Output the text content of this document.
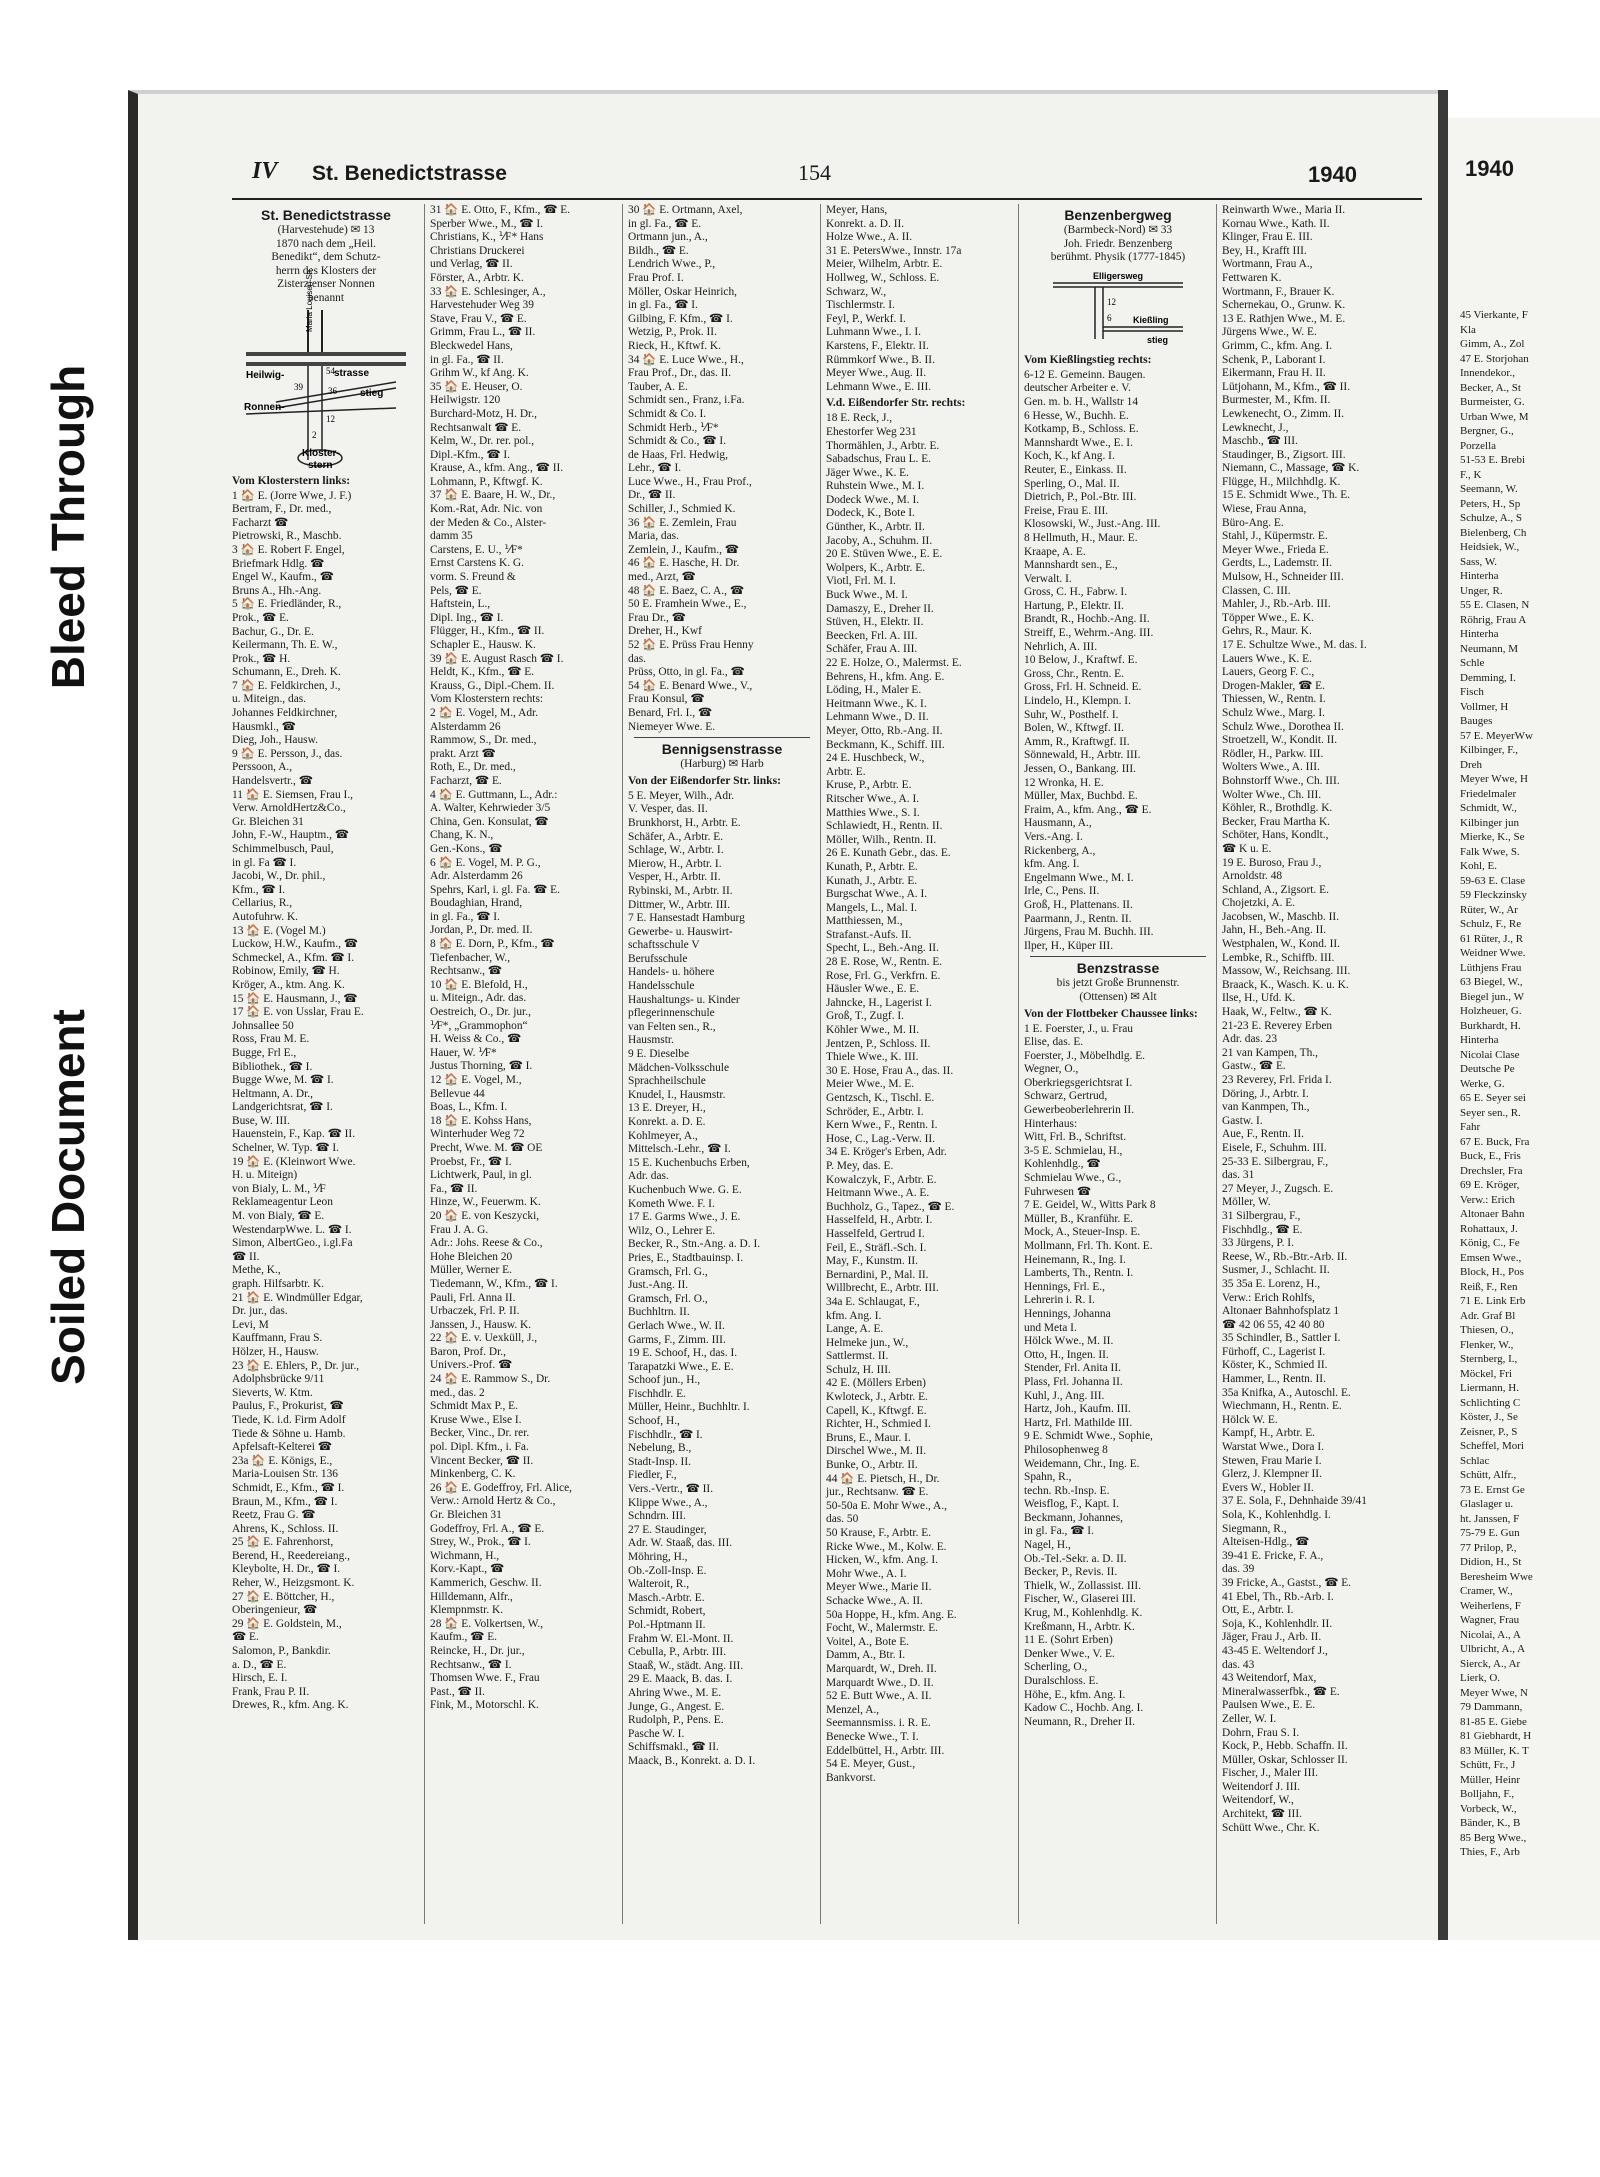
Bleed Through
Soiled Document
45 Vierkante, F
Kla
Gimm, A., Zol
47 E. Storjohan
Innendekor.,
Becker, A., St
Burmeister, G.
Urban Wwe, M
Bergner, G.,
Porzella
51-53 E. Brebi
F., K
Seemann, W.
Peters, H., Sp
Schulze, A., S
Bielenberg, Ch
Heidsiek, W.,
Sass, W.
Hinterha
Unger, R.
55 E. Clasen, N
Röhrig, Frau A
Hinterha
Neumann, M
Schle
Demming, I.
Fisch
Vollmer, H
Bauges
57 E. MeyerWw
Kilbinger, F.,
Dreh
Meyer Wwe, H
Friedelmaler
Schmidt, W.,
Kilbinger jun
Mierke, K., Se
Falk Wwe, S.
Kohl, E.
59-63 E. Clase
59 Fleckzinsky
Rüter, W., Ar
Schulz, F., Re
61 Rüter, J., R
Weidner Wwe.
Lüthjens Frau
63 Biegel, W.,
Biegel jun., W
Holzheuer, G.
Burkhardt, H.
Hinterha
Nicolai Clase
Deutsche Pe
Werke, G.
65 E. Seyer sei
Seyer sen., R.
Fahr
67 E. Buck, Fra
Buck, E., Fris
Drechsler, Fra
69 E. Kröger,
Verw.: Erich
Altonaer Bahn
Rohattaux, J.
König, C., Fe
Emsen Wwe.,
Block, H., Pos
Reiß, F., Ren
71 E. Link Erb
Adr. Graf Bl
Thiesen, O.,
Flenker, W.,
Sternberg, I.,
Möckel, Fri
Liermann, H.
Schlichting C
Köster, J., Se
Zeisner, P., S
Scheffel, Mori
Schlac
Schütt, Alfr.,
73 E. Ernst Ge
Glaslager u.
ht. Janssen, F
75-79 E. Gun
77 Prilop, P.,
Didion, H., St
Beresheim Wwe
Cramer, W.,
Weiherlens, F
Wagner, Frau
Nicolai, A., A
Ulbricht, A., A
Sierck, A., Ar
Lierk, O.
Meyer Wwe, N
79 Dammann,
81-85 E. Giebe
81 Giebhardt, H
83 Müller, K. T
Schütt, Fr., J
Müller, Heinr
Bolljahn, F.,
Vorbeck, W.,
Bänder, K., B
85 Berg Wwe.,
Thies, F., Arb
1940
IV St. Benedictstrasse	154	1940
St. Benedictstrasse
(Harvestehude) ✉ 13
1870 nach dem „Heil.
Benedikt“, dem Schutz-
herrn des Klosters der
Zisterzienser Nonnen
benannt
Maria Louisen Str.
Heilwig-	strasse
54
39	36 stieg
Ronnen-
12
2
Kloster-
stern
Vom Klosterstern links:
1 🏠 E. (Jorre Wwe, J. F.)
Bertram, F., Dr. med.,
Facharzt ☎
Pietrowski, R., Maschb.
3 🏠 E. Robert F. Engel,
Briefmark Hdlg. ☎
Engel W., Kaufm., ☎
Bruns A., Hh.-Ang.
5 🏠 E. Friedländer, R.,
Prok., ☎ E.
Bachur, G., Dr. E.
Keilermann, Th. E. W.,
Prok., ☎ H.
Schumann, E., Dreh. K.
7 🏠 E. Feldkirchen, J.,
u. Miteign., das.
Johannes Feldkirchner,
Hausmkl., ☎
Dieg, Joh., Hausw.
9 🏠 E. Persson, J., das.
Perssoon, A.,
Handelsvertr., ☎
11 🏠 E. Siemsen, Frau I.,
Verw. ArnoldHertz&Co.,
Gr. Bleichen 31
John, F.-W., Hauptm., ☎
Schimmelbusch, Paul,
in gl. Fa ☎ I.
Jacobi, W., Dr. phil.,
Kfm., ☎ I.
Cellarius, R.,
Autofuhrw. K.
13 🏠 E. (Vogel M.)
Luckow, H.W., Kaufm., ☎
Schmeckel, A., Kfm. ☎ I.
Robinow, Emily, ☎ H.
Kröger, A., ktm. Ang. K.
15 🏠 E. Hausmann, J., ☎
17 🏠 E. von Usslar, Frau E.
Johnsallee 50
Ross, Frau M. E.
Bugge, Frl E.,
Bibliothek., ☎ I.
Bugge Wwe, M. ☎ I.
Heltmann, A. Dr.,
Landgerichtsrat, ☎ I.
Buse, W. III.
Hauenstein, F., Kap. ☎ II.
Schelner, W. Typ. ☎ I.
19 🏠 E. (Kleinwort Wwe.
H. u. Miteign)
von Bialy, L. M., ⅟F
Reklameagentur Leon
M. von Bialy, ☎ E.
WestendarpWwe. L. ☎ I.
Simon, AlbertGeo., i.gl.Fa
☎ II.
Methe, K.,
graph. Hilfsarbtr. K.
21 🏠 E. Windmüller Edgar,
Dr. jur., das.
Levi, M
Kauffmann, Frau S.
Hölzer, H., Hausw.
23 🏠 E. Ehlers, P., Dr. jur.,
Adolphsbrücke 9/11
Sieverts, W. Ktm.
Paulus, F., Prokurist, ☎
Tiede, K. i.d. Firm Adolf
Tiede & Söhne u. Hamb.
Apfelsaft-Kelterei ☎
23a 🏠 E. Königs, E.,
Maria-Louisen Str. 136
Schmidt, E., Kfm., ☎ I.
Braun, M., Kfm., ☎ I.
Reetz, Frau G. ☎
Ahrens, K., Schloss. II.
25 🏠 E. Fahrenhorst,
Berend, H., Reedereiang.,
Kleybolte, H. Dr., ☎ I.
Reher, W., Heizgsmont. K.
27 🏠 E. Böttcher, H.,
Oberingenieur, ☎
29 🏠 E. Goldstein, M.,
☎ E.
Salomon, P., Bankdir.
a. D., ☎ E.
Hirsch, E. I.
Frank, Frau P. II.
Drewes, R., kfm. Ang. K.
31 🏠 E. Otto, F., Kfm., ☎ E.
Sperber Wwe., M., ☎ I.
Christians, K., ⅟F* Hans
Christians Druckerei
und Verlag, ☎ II.
Förster, A., Arbtr. K.
33 🏠 E. Schlesinger, A.,
Harvestehuder Weg 39
Stave, Frau V., ☎ E.
Grimm, Frau L., ☎ II.
Bleckwedel Hans,
in gl. Fa., ☎ II.
Grihm W., kf Ang. K.
35 🏠 E. Heuser, O.
Heilwigstr. 120
Burchard-Motz, H. Dr.,
Rechtsanwalt ☎ E.
Kelm, W., Dr. rer. pol.,
Dipl.-Kfm., ☎ I.
Krause, A., kfm. Ang., ☎ II.
Lohmann, P., Kftwgf. K.
37 🏠 E. Baare, H. W., Dr.,
Kom.-Rat, Adr. Nic. von
der Meden & Co., Alster-
damm 35
Carstens, E. U., ⅟F*
Ernst Carstens K. G.
vorm. S. Freund &
Pels, ☎ E.
Haftstein, L.,
Dipl. Ing., ☎ I.
Flügger, H., Kfm., ☎ II.
Schapler E., Hausw. K.
39 🏠 E. August Rasch ☎ I.
Heldt, K., Kfm., ☎ E.
Krauss, G., Dipl.-Chem. II.
Vom Klosterstern rechts:
2 🏠 E. Vogel, M., Adr.
Alsterdamm 26
Rammow, S., Dr. med.,
prakt. Arzt ☎
Roth, E., Dr. med.,
Facharzt, ☎ E.
4 🏠 E. Guttmann, L., Adr.:
A. Walter, Kehrwieder 3/5
China, Gen. Konsulat, ☎
Chang, K. N.,
Gen.-Kons., ☎
6 🏠 E. Vogel, M. P. G.,
Adr. Alsterdamm 26
Spehrs, Karl, i. gl. Fa. ☎ E.
Boudaghian, Hrand,
in gl. Fa., ☎ I.
Jordan, P., Dr. med. II.
8 🏠 E. Dorn, P., Kfm., ☎
Tiefenbacher, W.,
Rechtsanw., ☎
10 🏠 E. Blefold, H.,
u. Miteign., Adr. das.
Oestreich, O., Dr. jur.,
⅟F*, „Grammophon“
H. Weiss & Co., ☎
Hauer, W. ⅟F*
Justus Thorning, ☎ I.
12 🏠 E. Vogel, M.,
Bellevue 44
Boas, L., Kfm. I.
18 🏠 E. Kohss Hans,
Winterhuder Weg 72
Precht, Wwe. M. ☎ OE
Proebst, Fr., ☎ I.
Lichtwerk, Paul, in gl.
Fa., ☎ II.
Hinze, W., Feuerwm. K.
20 🏠 E. von Keszycki,
Frau J. A. G.
Adr.: Johs. Reese & Co.,
Hohe Bleichen 20
Müller, Werner E.
Tiedemann, W., Kfm., ☎ I.
Pauli, Frl. Anna II.
Urbaczek, Frl. P. II.
Janssen, J., Hausw. K.
22 🏠 E. v. Uexküll, J.,
Baron, Prof. Dr.,
Univers.-Prof. ☎
24 🏠 E. Rammow S., Dr.
med., das. 2
Schmidt Max P., E.
Kruse Wwe., Else I.
Becker, Vinc., Dr. rer.
pol. Dipl. Kfm., i. Fa.
Vincent Becker, ☎ II.
Minkenberg, C. K.
26 🏠 E. Godeffroy, Frl. Alice,
Verw.: Arnold Hertz & Co.,
Gr. Bleichen 31
Godeffroy, Frl. A., ☎ E.
Strey, W., Prok., ☎ I.
Wichmann, H.,
Korv.-Kapt., ☎
Kammerich, Geschw. II.
Hilldemann, Alfr.,
Klempnmstr. K.
28 🏠 E. Volkertsen, W.,
Kaufm., ☎ E.
Reincke, H., Dr. jur.,
Rechtsanw., ☎ I.
Thomsen Wwe. F., Frau
Past., ☎ II.
Fink, M., Motorschl. K.
30 🏠 E. Ortmann, Axel,
in gl. Fa., ☎ E.
Ortmann jun., A.,
Bildh., ☎ E.
Lendrich Wwe., P.,
Frau Prof. I.
Möller, Oskar Heinrich,
in gl. Fa., ☎ I.
Gilbing, F. Kfm., ☎ I.
Wetzig, P., Prok. II.
Rieck, H., Kftwf. K.
34 🏠 E. Luce Wwe., H.,
Frau Prof., Dr., das. II.
Tauber, A. E.
Schmidt sen., Franz, i.Fa.
Schmidt & Co. I.
Schmidt Herb., ⅟F*
Schmidt & Co., ☎ I.
de Haas, Frl. Hedwig,
Lehr., ☎ I.
Luce Wwe., H., Frau Prof.,
Dr., ☎ II.
Schiller, J., Schmied K.
36 🏠 E. Zemlein, Frau
Maria, das.
Zemlein, J., Kaufm., ☎
46 🏠 E. Hasche, H. Dr.
med., Arzt, ☎
48 🏠 E. Baez, C. A., ☎
50 E. Framhein Wwe., E.,
Frau Dr., ☎
Dreher, H., Kwf
52 🏠 E. Prüss Frau Henny
das.
Prüss, Otto, in gl. Fa., ☎
54 🏠 E. Benard Wwe., V.,
Frau Konsul, ☎
Benard, Frl. I., ☎
Niemeyer Wwe. E.
Bennigsenstrasse
(Harburg) ✉ Harb
Von der Eißendorfer Str. links:
5 E. Meyer, Wilh., Adr.
V. Vesper, das. II.
Brunkhorst, H., Arbtr. E.
Schäfer, A., Arbtr. E.
Schlage, W., Arbtr. I.
Mierow, H., Arbtr. I.
Vesper, H., Arbtr. II.
Rybinski, M., Arbtr. II.
Dittmer, W., Arbtr. III.
7 E. Hansestadt Hamburg
Gewerbe- u. Hauswirt-
schaftsschule V
Berufsschule
Handels- u. höhere
Handelsschule
Haushaltungs- u. Kinder
pflegerinnenschule
van Felten sen., R.,
Hausmstr.
9 E. Dieselbe
Mädchen-Volksschule
Sprachheilschule
Knudel, I., Hausmstr.
13 E. Dreyer, H.,
Konrekt. a. D. E.
Kohlmeyer, A.,
Mittelsch.-Lehr., ☎ I.
15 E. Kuchenbuchs Erben,
Adr. das.
Kuchenbuch Wwe. G. E.
Kometh Wwe. F. I.
17 E. Garms Wwe., J. E.
Wilz, O., Lehrer E.
Becker, R., Stn.-Ang. a. D. I.
Pries, E., Stadtbauinsp. I.
Gramsch, Frl. G.,
Just.-Ang. II.
Gramsch, Frl. O.,
Buchhltrn. II.
Gerlach Wwe., W. II.
Garms, F., Zimm. III.
19 E. Schoof, H., das. I.
Tarapatzki Wwe., E. E.
Schoof jun., H.,
Fischhdlr. E.
Müller, Heinr., Buchhltr. I.
Schoof, H.,
Fischhdlr., ☎ I.
Nebelung, B.,
Stadt-Insp. II.
Fiedler, F.,
Vers.-Vertr., ☎ II.
Klippe Wwe., A.,
Schndrn. III.
27 E. Staudinger,
Adr. W. Staaß, das. III.
Möhring, H.,
Ob.-Zoll-Insp. E.
Walteroit, R.,
Masch.-Arbtr. E.
Schmidt, Robert,
Pol.-Hptmann II.
Frahm W. El.-Mont. II.
Cebulla, P., Arbtr. III.
Staaß, W., städt. Ang. III.
29 E. Maack, B. das. I.
Ahring Wwe., M. E.
Junge, G., Angest. E.
Rudolph, P., Pens. E.
Pasche W. I.
Schiffsmakl., ☎ II.
Maack, B., Konrekt. a. D. I.
Meyer, Hans,
Konrekt. a. D. II.
Holze Wwe., A. II.
31 E. PetersWwe., Innstr. 17a
Meier, Wilhelm, Arbtr. E.
Hollweg, W., Schloss. E.
Schwarz, W.,
Tischlermstr. I.
Feyl, P., Werkf. I.
Luhmann Wwe., I. I.
Karstens, F., Elektr. II.
Rümmkorf Wwe., B. II.
Meyer Wwe., Aug. II.
Lehmann Wwe., E. III.
V.d. Eißendorfer Str. rechts:
18 E. Reck, J.,
Ehestorfer Weg 231
Thormählen, J., Arbtr. E.
Sabadschus, Frau L. E.
Jäger Wwe., K. E.
Ruhstein Wwe., M. I.
Dodeck Wwe., M. I.
Dodeck, K., Bote I.
Günther, K., Arbtr. II.
Jacoby, A., Schuhm. II.
20 E. Stüven Wwe., E. E.
Wolpers, K., Arbtr. E.
Viotl, Frl. M. I.
Buck Wwe., M. I.
Damaszy, E., Dreher II.
Stüven, H., Elektr. II.
Beecken, Frl. A. III.
Schäfer, Frau A. III.
22 E. Holze, O., Malermst. E.
Behrens, H., kfm. Ang. E.
Löding, H., Maler E.
Heitmann Wwe., K. I.
Lehmann Wwe., D. II.
Meyer, Otto, Rb.-Ang. II.
Beckmann, K., Schiff. III.
24 E. Huschbeck, W.,
Arbtr. E.
Kruse, P., Arbtr. E.
Ritscher Wwe., A. I.
Matthies Wwe., S. I.
Schlawiedt, H., Rentn. II.
Möller, Wilh., Rentn. II.
26 E. Kunath Gebr., das. E.
Kunath, P., Arbtr. E.
Kunath, J., Arbtr. E.
Burgschat Wwe., A. I.
Mangels, L., Mal. I.
Matthiessen, M.,
Strafanst.-Aufs. II.
Specht, L., Beh.-Ang. II.
28 E. Rose, W., Rentn. E.
Rose, Frl. G., Verkfrn. E.
Häusler Wwe., E. E.
Jahncke, H., Lagerist I.
Groß, T., Zugf. I.
Köhler Wwe., M. II.
Jentzen, P., Schloss. II.
Thiele Wwe., K. III.
30 E. Hose, Frau A., das. II.
Meier Wwe., M. E.
Gentzsch, K., Tischl. E.
Schröder, E., Arbtr. I.
Kern Wwe., F., Rentn. I.
Hose, C., Lag.-Verw. II.
34 E. Kröger's Erben, Adr.
P. Mey, das. E.
Kowalczyk, F., Arbtr. E.
Heitmann Wwe., A. E.
Buchholz, G., Tapez., ☎ E.
Hasselfeld, H., Arbtr. I.
Hasselfeld, Gertrud I.
Feil, E., Sträfl.-Sch. I.
May, F., Kunstm. II.
Bernardini, P., Mal. II.
Willbrecht, E., Arbtr. III.
34a E. Schlaugat, F.,
kfm. Ang. I.
Lange, A. E.
Helmeke jun., W.,
Sattlermst. II.
Schulz, H. III.
42 E. (Möllers Erben)
Kwloteck, J., Arbtr. E.
Capell, K., Kftwgf. E.
Richter, H., Schmied I.
Bruns, E., Maur. I.
Dirschel Wwe., M. II.
Bunke, O., Arbtr. II.
44 🏠 E. Pietsch, H., Dr.
jur., Rechtsanw. ☎ E.
50-50a E. Mohr Wwe., A.,
das. 50
50 Krause, F., Arbtr. E.
Ricke Wwe., M., Kolw. E.
Hicken, W., kfm. Ang. I.
Mohr Wwe., A. I.
Meyer Wwe., Marie II.
Schacke Wwe., A. II.
50a Hoppe, H., kfm. Ang. E.
Focht, W., Malermstr. E.
Voitel, A., Bote E.
Damm, A., Btr. I.
Marquardt, W., Dreh. II.
Marquardt Wwe., D. II.
52 E. Butt Wwe., A. II.
Menzel, A.,
Seemannsmiss. i. R. E.
Benecke Wwe., T. I.
Eddelbüttel, H., Arbtr. III.
54 E. Meyer, Gust.,
Bankvorst.
Benzenbergweg
(Barmbeck-Nord) ✉ 33
Joh. Friedr. Benzenberg
berühmt. Physik (1777-1845)
Elligersweg
12
6 Kießling
stieg
Vom Kießlingstieg rechts:
6-12 E. Gemeinn. Baugen.
deutscher Arbeiter e. V.
Gen. m. b. H., Wallstr 14
6 Hesse, W., Buchh. E.
Kotkamp, B., Schloss. E.
Mannshardt Wwe., E. I.
Koch, K., kf Ang. I.
Reuter, E., Einkass. II.
Sperling, O., Mal. II.
Dietrich, P., Pol.-Btr. III.
Freise, Frau E. III.
Klosowski, W., Just.-Ang. III.
8 Hellmuth, H., Maur. E.
Kraape, A. E.
Mannshardt sen., E.,
Verwalt. I.
Gross, C. H., Fabrw. I.
Hartung, P., Elektr. II.
Brandt, R., Hochb.-Ang. II.
Streiff, E., Wehrm.-Ang. III.
Nehrlich, A. III.
10 Below, J., Kraftwf. E.
Gross, Chr., Rentn. E.
Gross, Frl. H. Schneid. E.
Lindelo, H., Klempn. I.
Suhr, W., Posthelf. I.
Bolen, W., Kftwgf. II.
Amm, R., Kraftwgf. II.
Sönnewald, H., Arbtr. III.
Jessen, O., Bankang. III.
12 Wronka, H. E.
Müller, Max, Buchbd. E.
Fraim, A., kfm. Ang., ☎ E.
Hausmann, A.,
Vers.-Ang. I.
Rickenberg, A.,
kfm. Ang. I.
Engelmann Wwe., M. I.
Irle, C., Pens. II.
Groß, H., Plattenans. II.
Paarmann, J., Rentn. II.
Jürgens, Frau M. Buchh. III.
Ilper, H., Küper III.
Benzstrasse
bis jetzt Große Brunnenstr.
(Ottensen) ✉ Alt
Von der Flottbeker Chaussee links:
1 E. Foerster, J., u. Frau
Elise, das. E.
Foerster, J., Möbelhdlg. E.
Wegner, O.,
Oberkriegsgerichtsrat I.
Schwarz, Gertrud,
Gewerbeoberlehrerin II.
Hinterhaus:
Witt, Frl. B., Schriftst.
3-5 E. Schmielau, H.,
Kohlenhdlg., ☎
Schmielau Wwe., G.,
Fuhrwesen ☎
7 E. Geidel, W., Witts Park 8
Müller, B., Kranführ. E.
Mock, A., Steuer-Insp. E.
Mollmann, Frl. Th. Kont. E.
Heinemann, R., Ing. I.
Lamberts, Th., Rentn. I.
Hennings, Frl. E.,
Lehrerin i. R. I.
Hennings, Johanna
und Meta I.
Hölck Wwe., M. II.
Otto, H., Ingen. II.
Stender, Frl. Anita II.
Plass, Frl. Johanna II.
Kuhl, J., Ang. III.
Hartz, Joh., Kaufm. III.
Hartz, Frl. Mathilde III.
9 E. Schmidt Wwe., Sophie,
Philosophenweg 8
Weidemann, Chr., Ing. E.
Spahn, R.,
techn. Rb.-Insp. E.
Weisflog, F., Kapt. I.
Beckmann, Johannes,
in gl. Fa., ☎ I.
Nagel, H.,
Ob.-Tel.-Sekr. a. D. II.
Becker, P., Revis. II.
Thielk, W., Zollassist. III.
Fischer, W., Glaserei III.
Krug, M., Kohlenhdlg. K.
Kreßmann, H., Arbtr. K.
11 E. (Sohrt Erben)
Denker Wwe., V. E.
Scherling, O.,
Duralschloss. E.
Höhe, E., kfm. Ang. I.
Kadow C., Hochb. Ang. I.
Neumann, R., Dreher II.
Reinwarth Wwe., Maria II.
Kornau Wwe., Kath. II.
Klinger, Frau E. III.
Bey, H., Krafft III.
Wortmann, Frau A.,
Fettwaren K.
Wortmann, F., Brauer K.
Schernekau, O., Grunw. K.
13 E. Rathjen Wwe., M. E.
Jürgens Wwe., W. E.
Grimm, C., kfm. Ang. I.
Schenk, P., Laborant I.
Eikermann, Frau H. II.
Lütjohann, M., Kfm., ☎ II.
Burmester, M., Kfm. II.
Lewkenecht, O., Zimm. II.
Lewknecht, J.,
Maschb., ☎ III.
Staudinger, B., Zigsort. III.
Niemann, C., Massage, ☎ K.
Flügge, H., Milchhdlg. K.
15 E. Schmidt Wwe., Th. E.
Wiese, Frau Anna,
Büro-Ang. E.
Stahl, J., Küpermstr. E.
Meyer Wwe., Frieda E.
Gerdts, L., Lademstr. II.
Mulsow, H., Schneider III.
Classen, C. III.
Mahler, J., Rb.-Arb. III.
Töpper Wwe., E. K.
Gehrs, R., Maur. K.
17 E. Schultze Wwe., M. das. I.
Lauers Wwe., K. E.
Lauers, Georg F. C.,
Drogen-Makler, ☎ E.
Thiessen, W., Rentn. I.
Schulz Wwe., Marg. I.
Schulz Wwe., Dorothea II.
Stroetzell, W., Kondit. II.
Rödler, H., Parkw. III.
Wolters Wwe., A. III.
Bohnstorff Wwe., Ch. III.
Wolter Wwe., Ch. III.
Köhler, R., Brothdlg. K.
Becker, Frau Martha K.
Schöter, Hans, Kondlt.,
☎ K u. E.
19 E. Buroso, Frau J.,
Arnoldstr. 48
Schland, A., Zigsort. E.
Chojetzki, A. E.
Jacobsen, W., Maschb. II.
Jahn, H., Beh.-Ang. II.
Westphalen, W., Kond. II.
Lembke, R., Schiffb. III.
Massow, W., Reichsang. III.
Braack, K., Wasch. K. u. K.
Ilse, H., Ufd. K.
Haak, W., Feltw., ☎ K.
21-23 E. Reverey Erben
Adr. das. 23
21 van Kampen, Th.,
Gastw., ☎ E.
23 Reverey, Frl. Frida I.
Döring, J., Arbtr. I.
van Kanmpen, Th.,
Gastw. I.
Aue, F., Rentn. II.
Eisele, F., Schuhm. III.
25-33 E. Silbergrau, F.,
das. 31
27 Meyer, J., Zugsch. E.
Möller, W.
31 Silbergrau, F.,
Fischhdlg., ☎ E.
33 Jürgens, P. I.
Reese, W., Rb.-Btr.-Arb. II.
Susmer, J., Schlacht. II.
35 35a E. Lorenz, H.,
Verw.: Erich Rohlfs,
Altonaer Bahnhofsplatz 1
☎ 42 06 55, 42 40 80
35 Schindler, B., Sattler I.
Fürhoff, C., Lagerist I.
Köster, K., Schmied II.
Hammer, L., Rentn. II.
35a Knifka, A., Autoschl. E.
Wiechmann, H., Rentn. E.
Hölck W. E.
Kampf, H., Arbtr. E.
Warstat Wwe., Dora I.
Stewen, Frau Marie I.
Glerz, J. Klempner II.
Evers W., Hobler II.
37 E. Sola, F., Dehnhaide 39/41
Sola, K., Kohlenhdlg. I.
Siegmann, R.,
Alteisen-Hdlg., ☎
39-41 E. Fricke, F. A.,
das. 39
39 Fricke, A., Gastst., ☎ E.
41 Ebel, Th., Rb.-Arb. I.
Ott, E., Arbtr. I.
Soja, K., Kohlenhdlr. II.
Jäger, Frau J., Arb. II.
43-45 E. Weltendorf J.,
das. 43
43 Weitendorf, Max,
Mineralwasserfbk., ☎ E.
Paulsen Wwe., E. E.
Zeller, W. I.
Dohrn, Frau S. I.
Kock, P., Hebb. Schaffn. II.
Müller, Oskar, Schlosser II.
Fischer, J., Maler III.
Weitendorf J. III.
Weitendorf, W.,
Architekt, ☎ III.
Schütt Wwe., Chr. K.
